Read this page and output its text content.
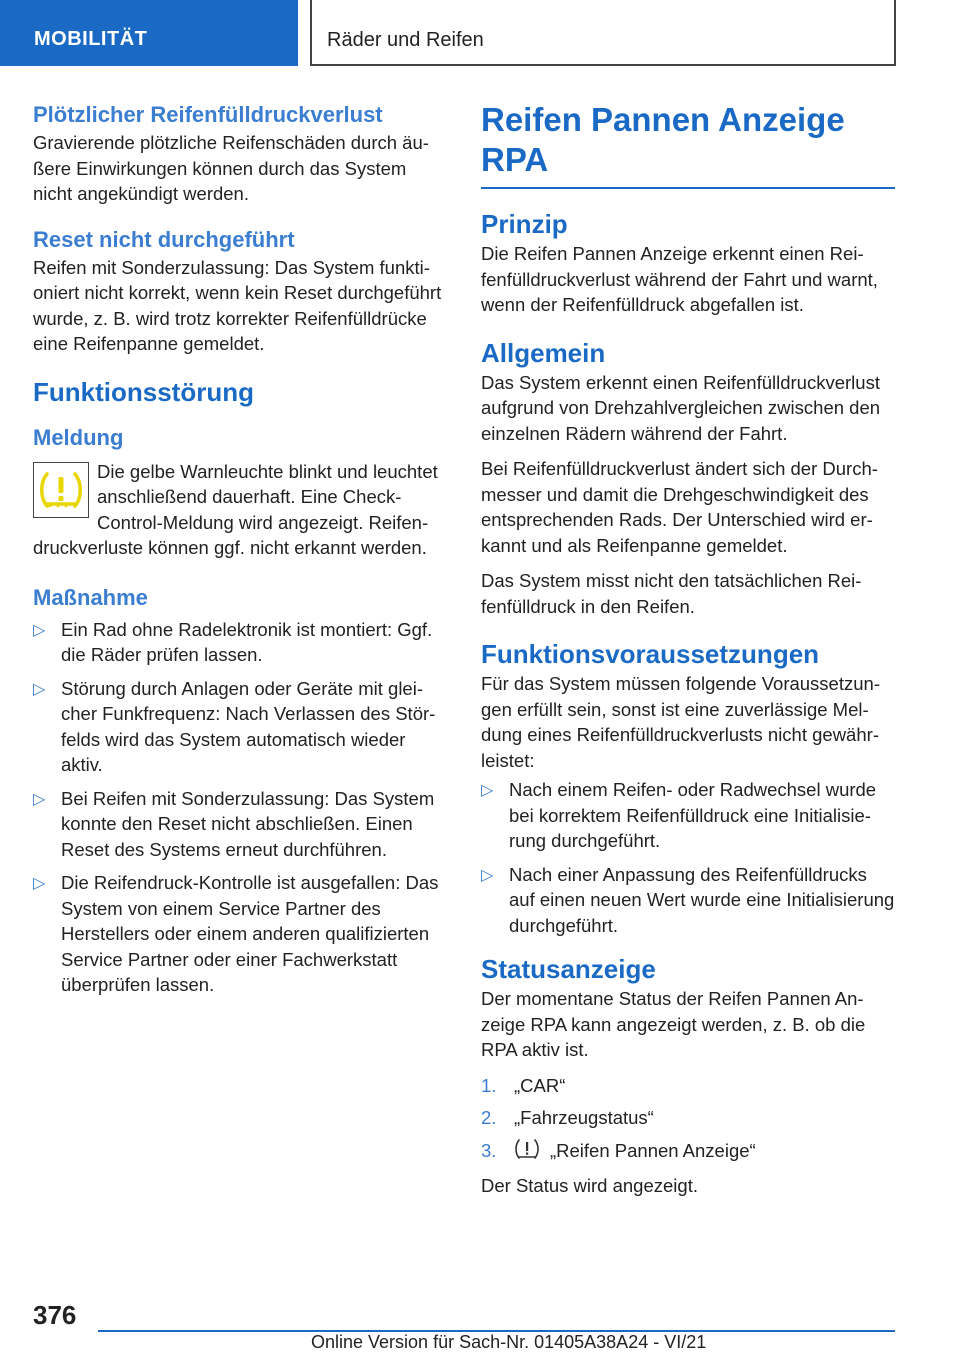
MOBILITÄT	Räder und Reifen
Plötzlicher Reifenfülldruckverlust
Gravierende plötzliche Reifenschäden durch äußere Einwirkungen können durch das System nicht angekündigt werden.
Reset nicht durchgeführt
Reifen mit Sonderzulassung: Das System funktioniert nicht korrekt, wenn kein Reset durchgeführt wurde, z. B. wird trotz korrekter Reifenfülldrücke eine Reifenpanne gemeldet.
Funktionsstörung
Meldung
Die gelbe Warnleuchte blinkt und leuchtet anschließend dauerhaft. Eine Check-Control-Meldung wird angezeigt. Reifendruckverluste können ggf. nicht erkannt werden.
Maßnahme
▷ Ein Rad ohne Radelektronik ist montiert: Ggf. die Räder prüfen lassen.
▷ Störung durch Anlagen oder Geräte mit gleicher Funkfrequenz: Nach Verlassen des Störfelds wird das System automatisch wieder aktiv.
▷ Bei Reifen mit Sonderzulassung: Das System konnte den Reset nicht abschließen. Einen Reset des Systems erneut durchführen.
▷ Die Reifendruck-Kontrolle ist ausgefallen: Das System von einem Service Partner des Herstellers oder einem anderen qualifizierten Service Partner oder einer Fachwerkstatt überprüfen lassen.
Reifen Pannen Anzeige RPA
Prinzip
Die Reifen Pannen Anzeige erkennt einen Reifenfülldruckverlust während der Fahrt und warnt, wenn der Reifenfülldruck abgefallen ist.
Allgemein
Das System erkennt einen Reifenfülldruckverlust aufgrund von Drehzahlvergleichen zwischen den einzelnen Rädern während der Fahrt.
Bei Reifenfülldruckverlust ändert sich der Durchmesser und damit die Drehgeschwindigkeit des entsprechenden Rads. Der Unterschied wird erkannt und als Reifenpanne gemeldet.
Das System misst nicht den tatsächlichen Reifenfülldruck in den Reifen.
Funktionsvoraussetzungen
Für das System müssen folgende Voraussetzungen erfüllt sein, sonst ist eine zuverlässige Meldung eines Reifenfülldruckverlusts nicht gewährleistet:
▷ Nach einem Reifen- oder Radwechsel wurde bei korrektem Reifenfülldruck eine Initialisierung durchgeführt.
▷ Nach einer Anpassung des Reifenfülldrucks auf einen neuen Wert wurde eine Initialisierung durchgeführt.
Statusanzeige
Der momentane Status der Reifen Pannen Anzeige RPA kann angezeigt werden, z. B. ob die RPA aktiv ist.
1. „CAR“
2. „Fahrzeugstatus“
3.	„Reifen Pannen Anzeige“
Der Status wird angezeigt.
376
Online Version für Sach-Nr. 01405A38A24 - VI/21
